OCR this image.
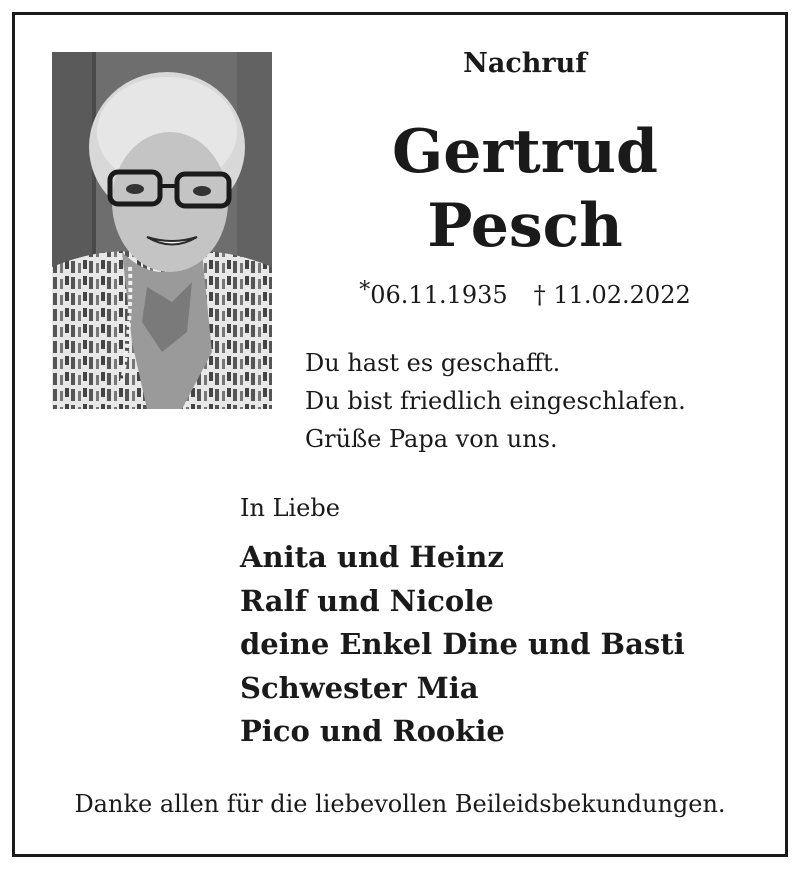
Nachruf
Gertrud
Pesch
*06.11.1935 † 11.02.2022
Du hast es geschafft.
Du bist friedlich eingeschlafen.
Grüße Papa von uns.
In Liebe
Anita und Heinz
Ralf und Nicole
deine Enkel Dine und Basti
Schwester Mia
Pico und Rookie
Danke allen für die liebevollen Beileidsbekundungen.
